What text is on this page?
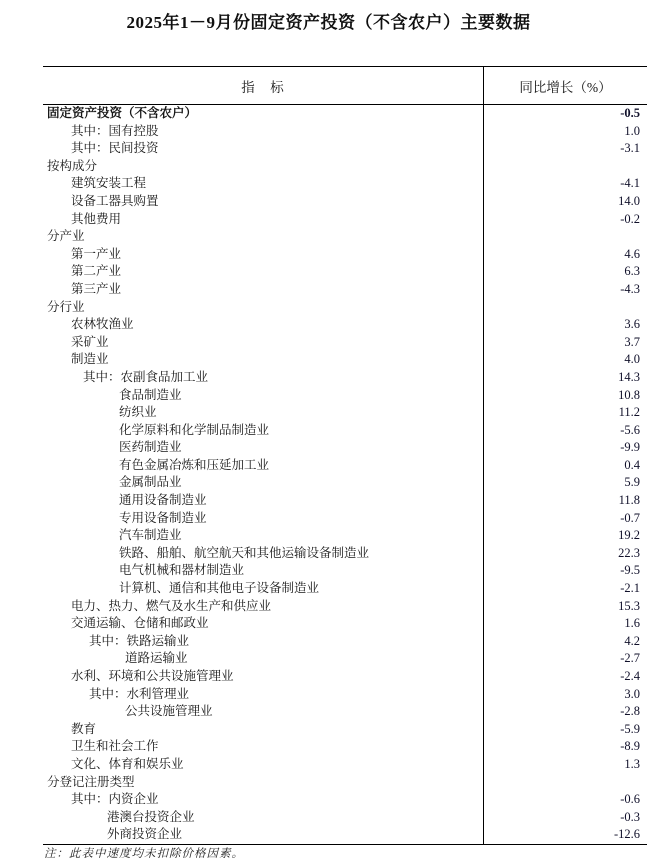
2025年1－9月份固定资产投资（不含农户）主要数据
指　标	同比增长（%）
固定资产投资（不含农户）	-0.5
其中：国有控股	1.0
其中：民间投资	-3.1
按构成分
建筑安装工程	-4.1
设备工器具购置	14.0
其他费用	-0.2
分产业
第一产业	4.6
第二产业	6.3
第三产业	-4.3
分行业
农林牧渔业	3.6
采矿业	3.7
制造业	4.0
其中：农副食品加工业	14.3
食品制造业	10.8
纺织业	11.2
化学原料和化学制品制造业	-5.6
医药制造业	-9.9
有色金属冶炼和压延加工业	0.4
金属制品业	5.9
通用设备制造业	11.8
专用设备制造业	-0.7
汽车制造业	19.2
铁路、船舶、航空航天和其他运输设备制造业	22.3
电气机械和器材制造业	-9.5
计算机、通信和其他电子设备制造业	-2.1
电力、热力、燃气及水生产和供应业	15.3
交通运输、仓储和邮政业	1.6
其中：铁路运输业	4.2
道路运输业	-2.7
水利、环境和公共设施管理业	-2.4
其中：水利管理业	3.0
公共设施管理业	-2.8
教育	-5.9
卫生和社会工作	-8.9
文化、体育和娱乐业	1.3
分登记注册类型
其中：内资企业	-0.6
港澳台投资企业	-0.3
外商投资企业	-12.6
注：此表中速度均未扣除价格因素。
